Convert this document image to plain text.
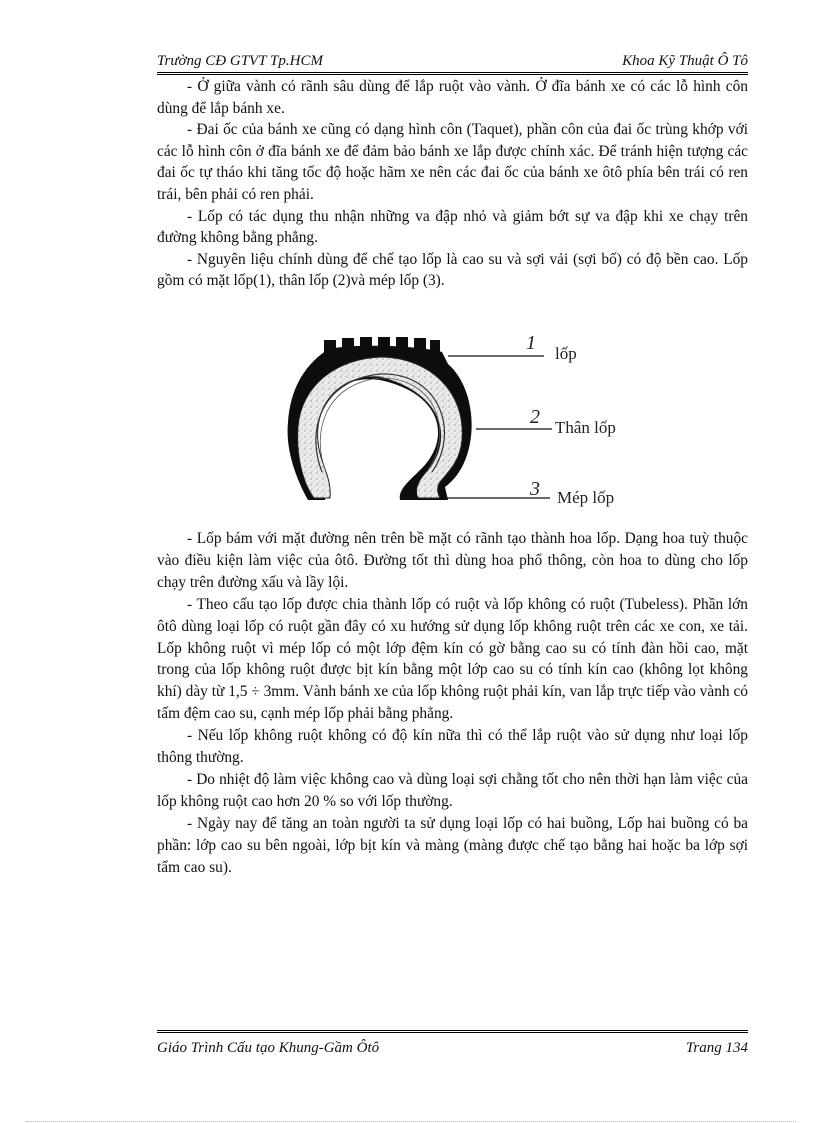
Trường CĐ GTVT Tp.HCM	Khoa Kỹ Thuật Ô Tô

- Ở giữa vành có rãnh sâu dùng để lắp ruột vào vành. Ở đĩa bánh xe có các lỗ hình côn dùng để lắp bánh xe.

- Đai ốc của bánh xe cũng có dạng hình côn (Taquet), phần côn của đai ốc trùng khớp với các lỗ hình côn ở đĩa bánh xe để đảm bảo bánh xe lắp được chính xác. Để tránh hiện tượng các đai ốc tự tháo khi tăng tốc độ hoặc hãm xe nên các đai ốc của bánh xe ôtô phía bên trái có ren trái, bên phải có ren phải.

- Lốp có tác dụng thu nhận những va đập nhỏ và giảm bớt sự va đập khi xe chạy trên đường không bằng phẳng.

- Nguyên liệu chính dùng để chế tạo lốp là cao su và sợi vải (sợi bố) có độ bền cao. Lốp gồm có mặt lốp(1), thân lốp (2)và mép lốp (3).

1 lốp
2 Thân lốp
3 Mép lốp

- Lốp bám với mặt đường nên trên bề mặt có rãnh tạo thành hoa lốp. Dạng hoa tuỳ thuộc vào điều kiện làm việc của ôtô. Đường tốt thì dùng hoa phổ thông, còn hoa to dùng cho lốp chạy trên đường xấu và lầy lội.

- Theo cấu tạo lốp được chia thành lốp có ruột và lốp không có ruột (Tubeless). Phần lớn ôtô dùng loại lốp có ruột gần đây có xu hướng sử dụng lốp không ruột trên các xe con, xe tải. Lốp không ruột vì mép lốp có một lớp đệm kín có gờ bằng cao su có tính đàn hồi cao, mặt trong của lốp không ruột được bịt kín bằng một lớp cao su có tính kín cao (không lọt không khí) dày từ 1,5 ÷ 3mm. Vành bánh xe của lốp không ruột phải kín, van lắp trực tiếp vào vành có tấm đệm cao su, cạnh mép lốp phải bằng phẳng.

- Nếu lốp không ruột không có độ kín nữa thì có thể lắp ruột vào sử dụng như loại lốp thông thường.

- Do nhiệt độ làm việc không cao và dùng loại sợi chằng tốt cho nên thời hạn làm việc của lốp không ruột cao hơn 20 % so với lốp thường.

- Ngày nay để tăng an toàn người ta sử dụng loại lốp có hai buồng, Lốp hai buồng có ba phần: lớp cao su bên ngoài, lớp bịt kín và màng (màng được chế tạo bằng hai hoặc ba lớp sợi tẩm cao su).

Giáo Trình Cấu tạo Khung-Gầm Ôtô	Trang 134
